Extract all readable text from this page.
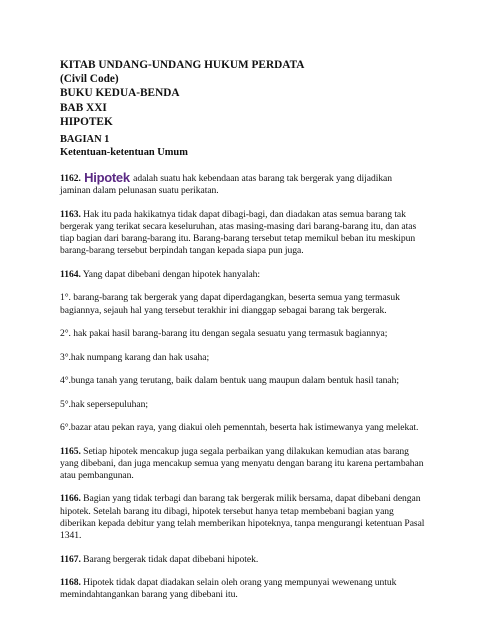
KITAB UNDANG-UNDANG HUKUM PERDATA
(Civil Code)
BUKU KEDUA-BENDA
BAB XXI
HIPOTEK
BAGIAN 1
Ketentuan-ketentuan Umum

1162. Hipotek adalah suatu hak kebendaan atas barang tak bergerak yang dijadikan
jaminan dalam pelunasan suatu perikatan.

1163. Hak itu pada hakikatnya tidak dapat dibagi-bagi, dan diadakan atas semua barang tak
bergerak yang terikat secara keseluruhan, atas masing-masing dari barang-barang itu, dan atas
tiap bagian dari barang-barang itu. Barang-barang tersebut tetap memikul beban itu meskipun
barang-barang tersebut berpindah tangan kepada siapa pun juga.

1164. Yang dapat dibebani dengan hipotek hanyalah:

1°. barang-barang tak bergerak yang dapat diperdagangkan, beserta semua yang termasuk
bagiannya, sejauh hal yang tersebut terakhir ini dianggap sebagai barang tak bergerak.

2°. hak pakai hasil barang-barang itu dengan segala sesuatu yang termasuk bagiannya;

3°.hak numpang karang dan hak usaha;

4°.bunga tanah yang terutang, baik dalam bentuk uang maupun dalam bentuk hasil tanah;

5°.hak sepersepuluhan;

6°.bazar atau pekan raya, yang diakui oleh pemenntah, beserta hak istimewanya yang melekat.

1165. Setiap hipotek mencakup juga segala perbaikan yang dilakukan kemudian atas barang
yang dibebani, dan juga mencakup semua yang menyatu dengan barang itu karena pertambahan
atau pembangunan.

1166. Bagian yang tidak terbagi dan barang tak bergerak milik bersama, dapat dibebani dengan
hipotek. Setelah barang itu dibagi, hipotek tersebut hanya tetap membebani bagian yang
diberikan kepada debitur yang telah memberikan hipoteknya, tanpa mengurangi ketentuan Pasal
1341.

1167. Barang bergerak tidak dapat dibebani hipotek.

1168. Hipotek tidak dapat diadakan selain oleh orang yang mempunyai wewenang untuk
memindahtangankan barang yang dibebani itu.
